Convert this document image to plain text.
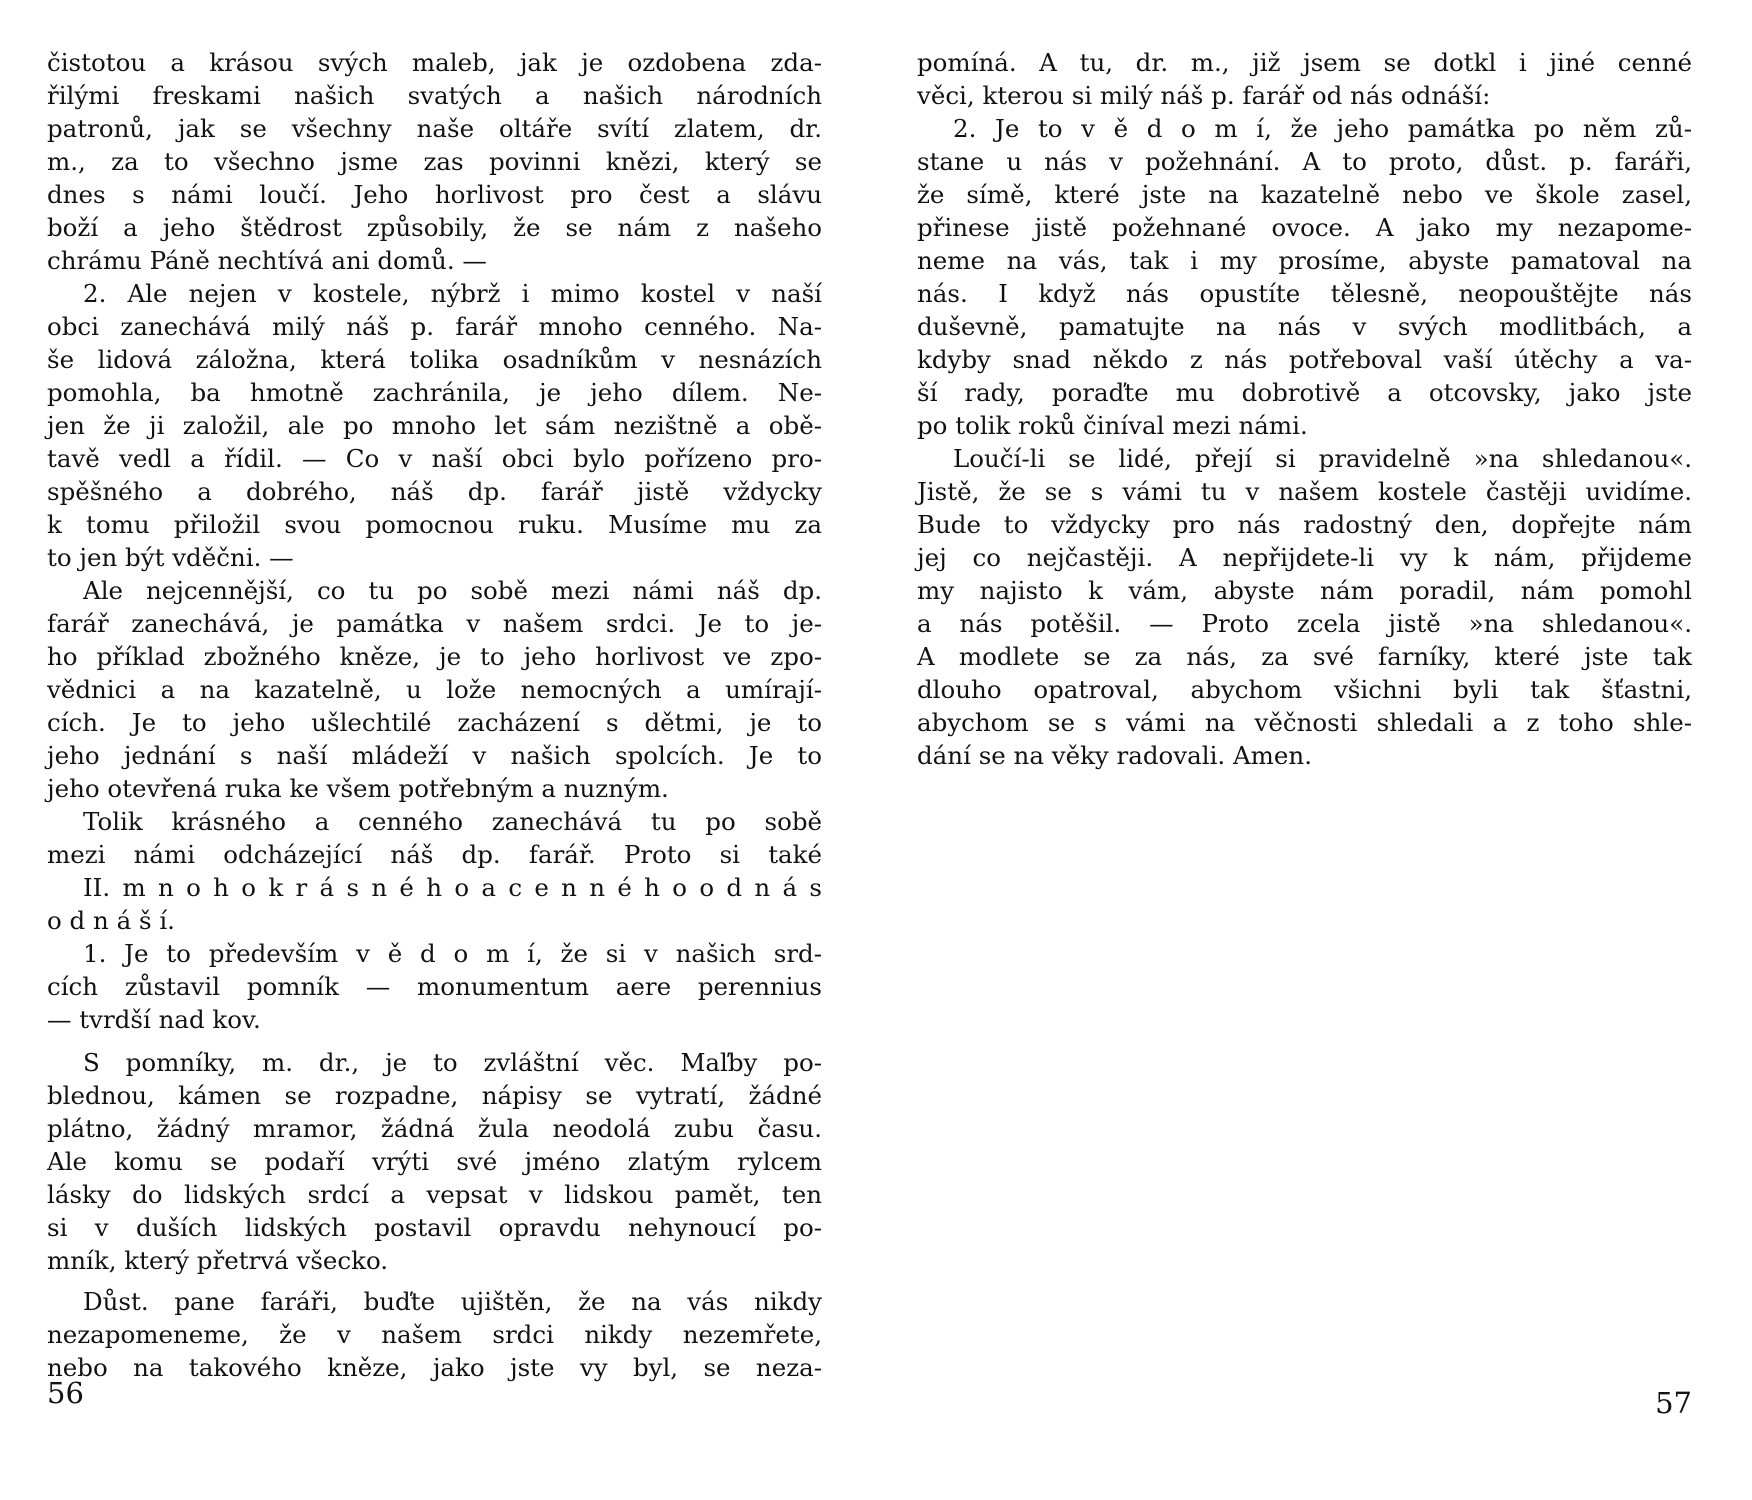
čistotou a krásou svých maleb, jak je ozdobena zda-
řilými freskami našich svatých a našich národních
patronů, jak se všechny naše oltáře svítí zlatem, dr.
m., za to všechno jsme zas povinni knězi, který se
dnes s námi loučí. Jeho horlivost pro čest a slávu
boží a jeho štědrost způsobily, že se nám z našeho
chrámu Páně nechtívá ani domů. —
2. Ale nejen v kostele, nýbrž i mimo kostel v naší
obci zanechává milý náš p. farář mnoho cenného. Na-
še lidová záložna, která tolika osadníkům v nesnázích
pomohla, ba hmotně zachránila, je jeho dílem. Ne-
jen že ji založil, ale po mnoho let sám nezištně a obě-
tavě vedl a řídil. — Co v naší obci bylo pořízeno pro-
spěšného a dobrého, náš dp. farář jistě vždycky
k tomu přiložil svou pomocnou ruku. Musíme mu za
to jen být vděčni. —
Ale nejcennější, co tu po sobě mezi námi náš dp.
farář zanechává, je památka v našem srdci. Je to je-
ho příklad zbožného kněze, je to jeho horlivost ve zpo-
vědnici a na kazatelně, u lože nemocných a umírají-
cích. Je to jeho ušlechtilé zacházení s dětmi, je to
jeho jednání s naší mládeží v našich spolcích. Je to
jeho otevřená ruka ke všem potřebným a nuzným.
Tolik krásného a cenného zanechává tu po sobě
mezi námi odcházející náš dp. farář. Proto si také
II. m n o h o k r á s n é h o a c e n n é h o o d n á s
o d n á š í.
1. Je to především v ě d o m í, že si v našich srd-
cích zůstavil pomník — monumentum aere perennius
— tvrdší nad kov.
S pomníky, m. dr., je to zvláštní věc. Maľby po-
blednou, kámen se rozpadne, nápisy se vytratí, žádné
plátno, žádný mramor, žádná žula neodolá zubu času.
Ale komu se podaří vrýti své jméno zlatým rylcem
lásky do lidských srdcí a vepsat v lidskou pamět, ten
si v duších lidských postavil opravdu nehynoucí po-
mník, který přetrvá všecko.
Důst. pane faráři, buďte ujištěn, že na vás nikdy
nezapomeneme, že v našem srdci nikdy nezemřete,
nebo na takového kněze, jako jste vy byl, se neza-
pomíná. A tu, dr. m., již jsem se dotkl i jiné cenné
věci, kterou si milý náš p. farář od nás odnáší:
2. Je to v ě d o m í, že jeho památka po něm zů-
stane u nás v požehnání. A to proto, důst. p. faráři,
že símě, které jste na kazatelně nebo ve škole zasel,
přinese jistě požehnané ovoce. A jako my nezapome-
neme na vás, tak i my prosíme, abyste pamatoval na
nás. I když nás opustíte tělesně, neopouštějte nás
duševně, pamatujte na nás v svých modlitbách, a
kdyby snad někdo z nás potřeboval vaší útěchy a va-
ší rady, poraďte mu dobrotivě a otcovsky, jako jste
po tolik roků činíval mezi námi.
Loučí-li se lidé, přejí si pravidelně »na shledanou«.
Jistě, že se s vámi tu v našem kostele častěji uvidíme.
Bude to vždycky pro nás radostný den, dopřejte nám
jej co nejčastěji. A nepřijdete-li vy k nám, přijdeme
my najisto k vám, abyste nám poradil, nám pomohl
a nás potěšil. — Proto zcela jistě »na shledanou«.
A modlete se za nás, za své farníky, které jste tak
dlouho opatroval, abychom všichni byli tak šťastni,
abychom se s vámi na věčnosti shledali a z toho shle-
dání se na věky radovali. Amen.
56	57
